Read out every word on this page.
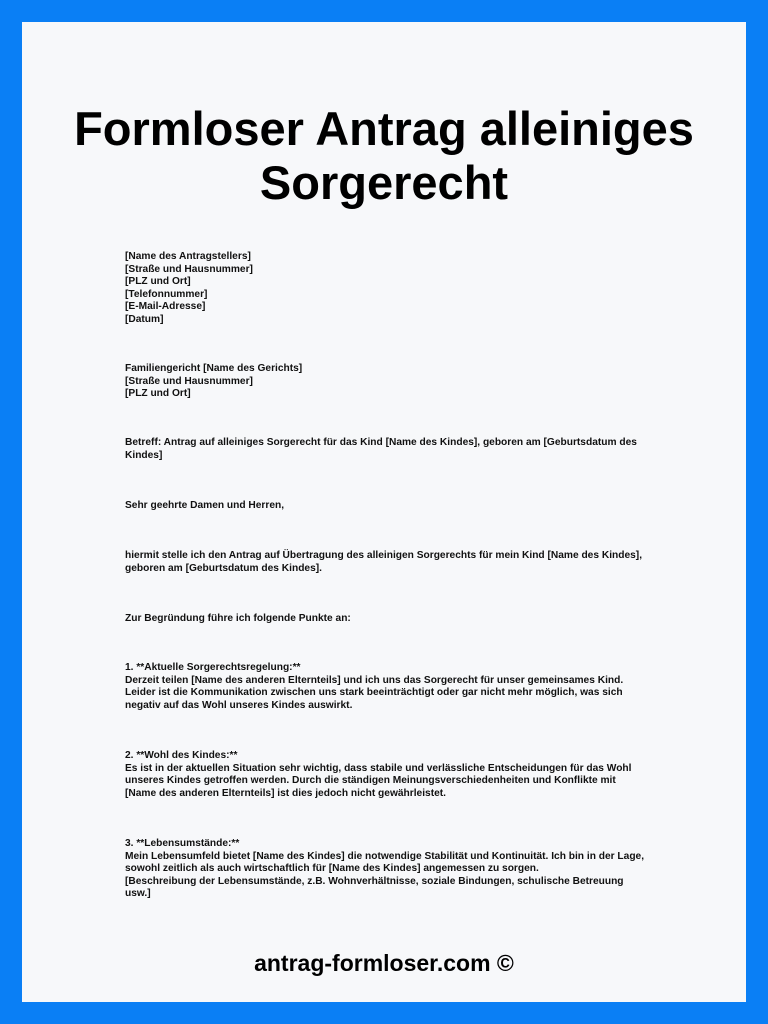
Formloser Antrag alleiniges
Sorgerecht
[Name des Antragstellers]
[Straße und Hausnummer]
[PLZ und Ort]
[Telefonnummer]
[E-Mail-Adresse]
[Datum]
Familiengericht [Name des Gerichts]
[Straße und Hausnummer]
[PLZ und Ort]
Betreff: Antrag auf alleiniges Sorgerecht für das Kind [Name des Kindes], geboren am [Geburtsdatum des
Kindes]
Sehr geehrte Damen und Herren,
hiermit stelle ich den Antrag auf Übertragung des alleinigen Sorgerechts für mein Kind [Name des Kindes],
geboren am [Geburtsdatum des Kindes].
Zur Begründung führe ich folgende Punkte an:
1. **Aktuelle Sorgerechtsregelung:**
Derzeit teilen [Name des anderen Elternteils] und ich uns das Sorgerecht für unser gemeinsames Kind.
Leider ist die Kommunikation zwischen uns stark beeinträchtigt oder gar nicht mehr möglich, was sich
negativ auf das Wohl unseres Kindes auswirkt.
2. **Wohl des Kindes:**
Es ist in der aktuellen Situation sehr wichtig, dass stabile und verlässliche Entscheidungen für das Wohl
unseres Kindes getroffen werden. Durch die ständigen Meinungsverschiedenheiten und Konflikte mit
[Name des anderen Elternteils] ist dies jedoch nicht gewährleistet.
3. **Lebensumstände:**
Mein Lebensumfeld bietet [Name des Kindes] die notwendige Stabilität und Kontinuität. Ich bin in der Lage,
sowohl zeitlich als auch wirtschaftlich für [Name des Kindes] angemessen zu sorgen.
[Beschreibung der Lebensumstände, z.B. Wohnverhältnisse, soziale Bindungen, schulische Betreuung
usw.]
antrag-formloser.com ©
